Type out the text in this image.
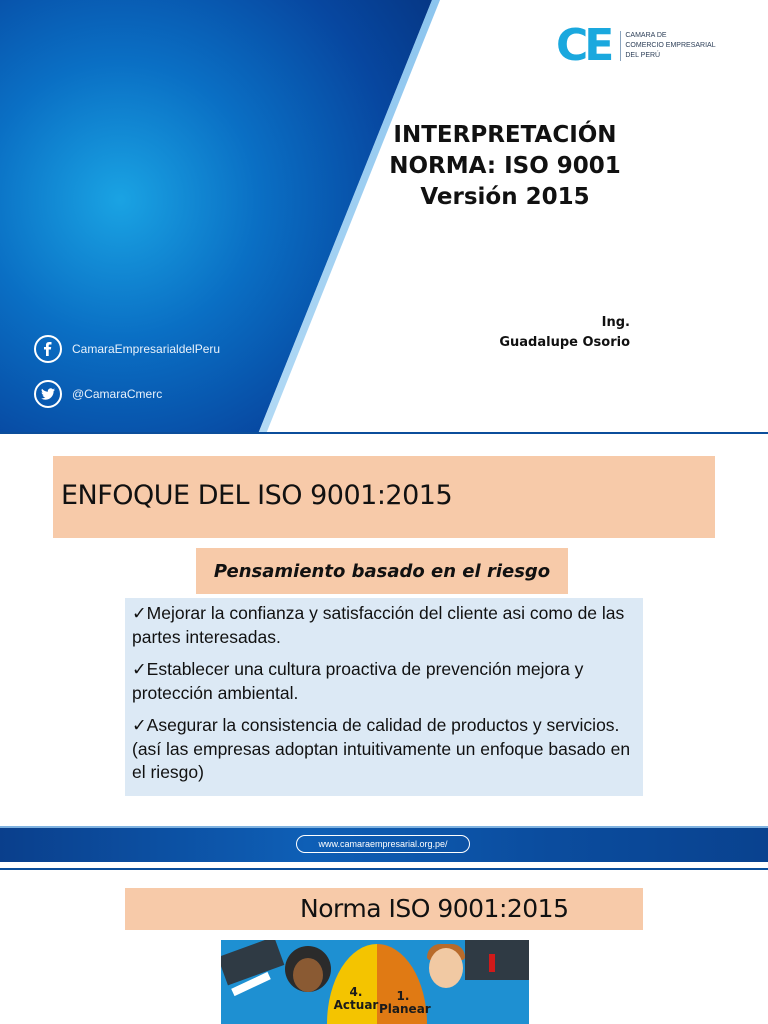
CE CAMARA DE
COMERCIO EMPRESARIAL
DEL PERÚ
INTERPRETACIÓN
NORMA: ISO 9001
Versión 2015
Ing.
Guadalupe Osorio
CamaraEmpresarialdelPeru
@CamaraCmerc
ENFOQUE DEL ISO 9001:2015
Pensamiento basado en el riesgo
✓Mejorar la confianza y satisfacción del cliente asi como de las partes interesadas.
✓Establecer una cultura proactiva de prevención mejora y protección ambiental.
✓Asegurar la consistencia de calidad de productos y servicios. (así las empresas adoptan intuitivamente un enfoque basado en el riesgo)
www.camaraempresarial.org.pe/
Norma ISO 9001:2015
4.
Actuar
1.
Planear
